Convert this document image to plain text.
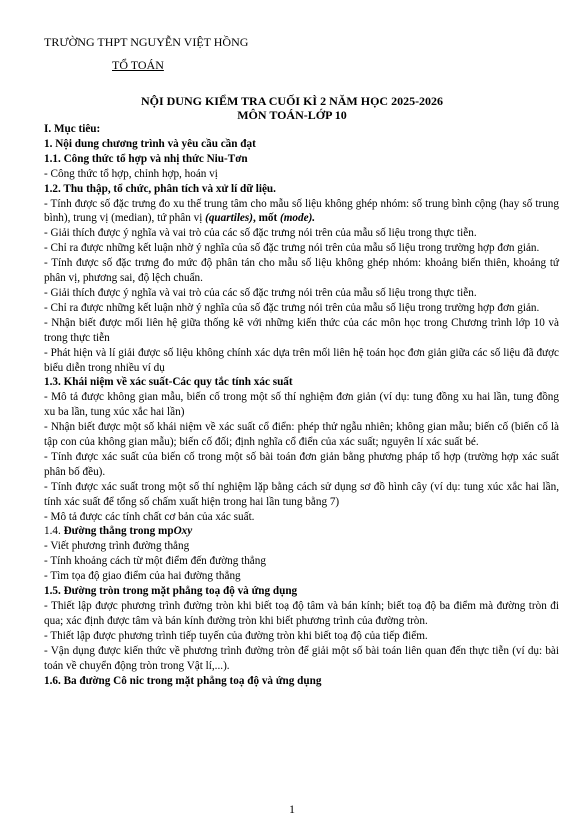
TRƯỜNG THPT NGUYỄN VIỆT HỒNG
TỔ TOÁN
NỘI DUNG KIỂM TRA CUỐI KÌ 2 NĂM HỌC 2025-2026
MÔN TOÁN-LỚP 10

I. Mục tiêu:

1. Nội dung chương trình và yêu cầu cần đạt

1.1. Công thức tổ hợp và nhị thức Niu-Tơn

- Công thức tổ hợp, chỉnh hợp, hoán vị

1.2. Thu thập, tổ chức, phân tích và xử lí dữ liệu.

- Tính được số đặc trưng đo xu thế trung tâm cho mẫu số liệu không ghép nhóm: số trung bình cộng (hay số trung bình), trung vị (median), tứ phân vị (quartiles), mốt (mode).

- Giải thích được ý nghĩa và vai trò của các số đặc trưng nói trên của mẫu số liệu trong thực tiễn.

- Chỉ ra được những kết luận nhờ ý nghĩa của số đặc trưng nói trên của mẫu số liệu trong trường hợp đơn giản.

- Tính được số đặc trưng đo mức độ phân tán cho mẫu số liệu không ghép nhóm: khoảng biến thiên, khoảng tứ phân vị, phương sai, độ lệch chuẩn.

- Giải thích được ý nghĩa và vai trò của các số đặc trưng nói trên của mẫu số liệu trong thực tiễn.

- Chỉ ra được những kết luận nhờ ý nghĩa của số đặc trưng nói trên của mẫu số liệu trong trường hợp đơn giản.

- Nhận biết được mối liên hệ giữa thống kê với những kiến thức của các môn học trong Chương trình lớp 10 và trong thực tiễn

- Phát hiện và lí giải được số liệu không chính xác dựa trên mối liên hệ toán học đơn giản giữa các số liệu đã được biểu diễn trong nhiều ví dụ

1.3. Khái niệm về xác suất-Các quy tắc tính xác suất

- Mô tả được không gian mẫu, biến cố trong một số thí nghiệm đơn giản (ví dụ: tung đồng xu hai lần, tung đồng xu ba lần, tung xúc xắc hai lần)

- Nhận biết được một số khái niệm về xác suất cổ điển: phép thử ngẫu nhiên; không gian mẫu; biến cố (biến cố là tập con của không gian mẫu); biến cố đối; định nghĩa cổ điển của xác suất; nguyên lí xác suất bé.

- Tính được xác suất của biến cố trong một số bài toán đơn giản bằng phương pháp tổ hợp (trường hợp xác suất phân bố đều).

- Tính được xác suất trong một số thí nghiệm lặp bằng cách sử dụng sơ đồ hình cây (ví dụ: tung xúc xắc hai lần, tính xác suất để tổng số chấm xuất hiện trong hai lần tung bằng 7)

- Mô tả được các tính chất cơ bản của xác suất.

1.4. Đường thẳng trong mpOxy

- Viết phương trình đường thẳng

- Tính khoảng cách từ một điểm đến đường thẳng

- Tìm tọa độ giao điểm của hai đường thẳng

1.5. Đường tròn trong mặt phẳng toạ độ và ứng dụng

- Thiết lập được phương trình đường tròn khi biết toạ độ tâm và bán kính; biết toạ độ ba điểm mà đường tròn đi qua; xác định được tâm và bán kính đường tròn khi biết phương trình của đường tròn.

- Thiết lập được phương trình tiếp tuyến của đường tròn khi biết toạ độ của tiếp điểm.

- Vận dụng được kiến thức về phương trình đường tròn để giải một số bài toán liên quan đến thực tiễn (ví dụ: bài toán về chuyển động tròn trong Vật lí,...).

1.6. Ba đường Cô nic trong mặt phẳng toạ độ và ứng dụng

1
